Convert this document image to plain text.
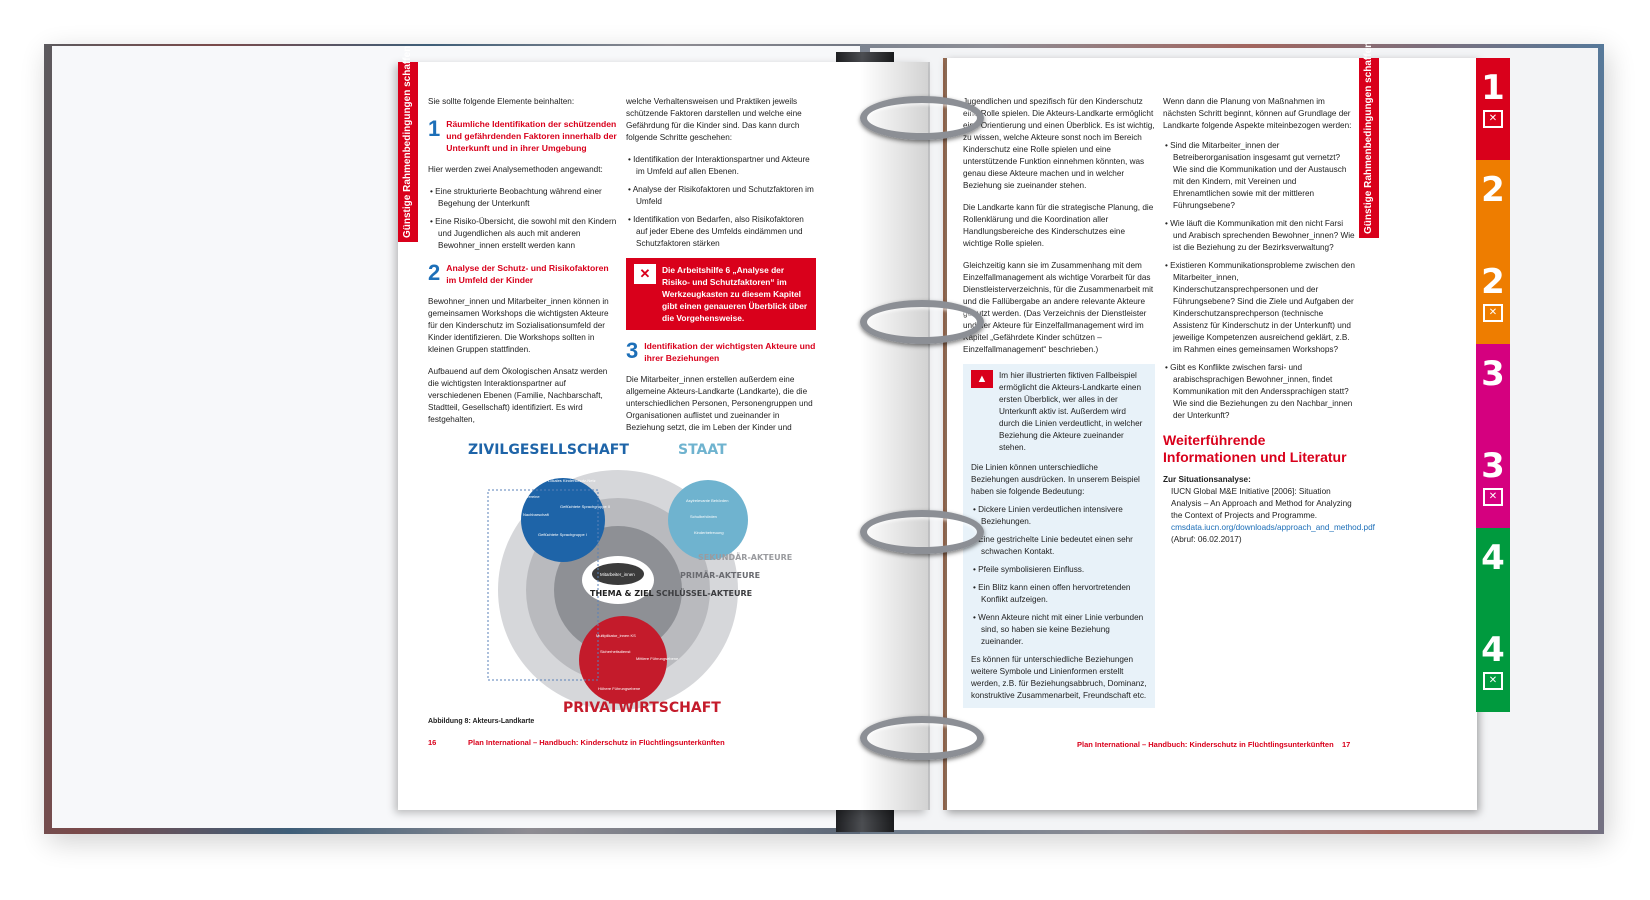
Günstige Rahmenbedingungen schaffen Sie sollte folgende Elemente beinhalten:
1 Räumliche Identifikation der schützenden und gefährdenden Faktoren innerhalb der Unterkunft und in ihrer Umgebung
Hier werden zwei Analysemethoden angewandt:
• Eine strukturierte Beobachtung während einer Begehung der Unterkunft
• Eine Risiko-Übersicht, die sowohl mit den Kindern und Jugendlichen als auch mit anderen Bewohner_innen erstellt werden kann
2 Analyse der Schutz- und Risikofaktoren im Umfeld der Kinder
Bewohner_innen und Mitarbeiter_innen können in gemeinsamen Workshops die wichtigsten Akteure für den Kinderschutz im Sozialisationsumfeld der Kinder identifizieren. Die Workshops sollten in kleinen Gruppen stattfinden.
Aufbauend auf dem Ökologischen Ansatz werden die wichtigsten Interaktionspartner auf verschiedenen Ebenen (Familie, Nachbarschaft, Stadtteil, Gesellschaft) identifiziert. Es wird festgehalten,
welche Verhaltensweisen und Praktiken jeweils schützende Faktoren darstellen und welche eine Gefährdung für die Kinder sind. Das kann durch folgende Schritte geschehen:
• Identifikation der Interaktionspartner und Akteure im Umfeld auf allen Ebenen.
• Analyse der Risikofaktoren und Schutzfaktoren im Umfeld
• Identifikation von Bedarfen, also Risikofaktoren auf jeder Ebene des Umfelds eindämmen und Schutzfaktoren stärken
✕	Die Arbeitshilfe 6 „Analyse der Risiko- und Schutzfaktoren“ im Werkzeugkasten zu diesem Kapitel gibt einen genaueren Überblick über die Vorgehensweise.
3 Identifikation der wichtigsten Akteure und ihrer Beziehungen
Die Mitarbeiter_innen erstellen außerdem eine allgemeine Akteurs-Landkarte (Landkarte), die die unterschiedlichen Personen, Personengruppen und Organisationen auflistet und zueinander in Beziehung setzt, die im Leben der Kinder und
ZIVILGESELLSCHAFT	STAAT
PRIVATWIRTSCHAFT
SEKUNDÄR-AKTEURE
PRIMÄR-AKTEURE
SCHLÜSSEL-AKTEURE
THEMA & ZIEL
Mitarbeiter_innen
Lokales Kinderschutz-Netz
Vereine
Nachbarschaft
Geflüchtete Sprachgruppe II
Geflüchtete Sprachgruppe I
Asylrelevante Behörden
Schulbehörden
Kinderbetreuung
Multiplikator_innen KS
Sicherheitsdienst
Mittlere Führungsebene
Höhere Führungsebene
Abbildung 8: Akteurs-Landkarte
16	Plan International – Handbuch: Kinderschutz in Flüchtlingsunterkünften
Jugendlichen und spezifisch für den Kinderschutz eine Rolle spielen. Die Akteurs-Landkarte ermöglicht eine Orientierung und einen Überblick. Es ist wichtig, zu wissen, welche Akteure sonst noch im Bereich Kinderschutz eine Rolle spielen und eine unterstützende Funktion einnehmen könnten, was genau diese Akteure machen und in welcher Beziehung sie zueinander stehen.
Die Landkarte kann für die strategische Planung, die Rollenklärung und die Koordination aller Handlungsbereiche des Kinderschutzes eine wichtige Rolle spielen.
Gleichzeitig kann sie im Zusammenhang mit dem Einzelfallmanagement als wichtige Vorarbeit für das Dienstleisterverzeichnis, für die Zusammenarbeit mit und die Fallübergabe an andere relevante Akteure genutzt werden. (Das Verzeichnis der Dienstleister und der Akteure für Einzelfallmanagement wird im Kapitel „Gefährdete Kinder schützen – Einzelfallmanagement“ beschrieben.)
▲	Im hier illustrierten fiktiven Fallbeispiel ermöglicht die Akteurs-Landkarte einen ersten Überblick, wer alles in der Unterkunft aktiv ist. Außerdem wird durch die Linien verdeutlicht, in welcher Beziehung die Akteure zueinander stehen.
Die Linien können unterschiedliche Beziehungen ausdrücken. In unserem Beispiel haben sie folgende Bedeutung:
• Dickere Linien verdeutlichen intensivere Beziehungen.
• Eine gestrichelte Linie bedeutet einen sehr schwachen Kontakt.
• Pfeile symbolisieren Einfluss.
• Ein Blitz kann einen offen hervortretenden Konflikt aufzeigen.
• Wenn Akteure nicht mit einer Linie verbunden sind, so haben sie keine Beziehung zueinander.
Es können für unterschiedliche Beziehungen weitere Symbole und Linienformen erstellt werden, z.B. für Beziehungsabbruch, Dominanz, konstruktive Zusammenarbeit, Freundschaft etc.
Wenn dann die Planung von Maßnahmen im nächsten Schritt beginnt, können auf Grundlage der Landkarte folgende Aspekte miteinbezogen werden:
• Sind die Mitarbeiter_innen der Betreiberorganisation insgesamt gut vernetzt? Wie sind die Kommunikation und der Austausch mit den Kindern, mit Vereinen und Ehrenamtlichen sowie mit der mittleren Führungsebene?
• Wie läuft die Kommunikation mit den nicht Farsi und Arabisch sprechenden Bewohner_innen? Wie ist die Beziehung zu der Bezirksverwaltung?
• Existieren Kommunikationsprobleme zwischen den Mitarbeiter_innen, Kinderschutzansprechpersonen und der Führungsebene? Sind die Ziele und Aufgaben der Kinderschutzansprechperson (technische Assistenz für Kinderschutz in der Unterkunft) und jeweilige Kompetenzen ausreichend geklärt, z.B. im Rahmen eines gemeinsamen Workshops?
• Gibt es Konflikte zwischen farsi- und arabischsprachigen Bewohner_innen, findet Kommunikation mit den Anderssprachigen statt? Wie sind die Beziehungen zu den Nachbar_innen der Unterkunft?
Weiterführende Informationen und Literatur
Zur Situationsanalyse:
IUCN Global M&E Initiative [2006]: Situation Analysis – An Approach and Method for Analyzing the Context of Projects and Programme.
cmsdata.iucn.org/downloads/approach_and_method.pdf (Abruf: 06.02.2017)
Günstige Rahmenbedingungen schaffen
Plan International – Handbuch: Kinderschutz in Flüchtlingsunterkünften 17
1
✕
2
2
✕
3
3
✕
4
4
✕
